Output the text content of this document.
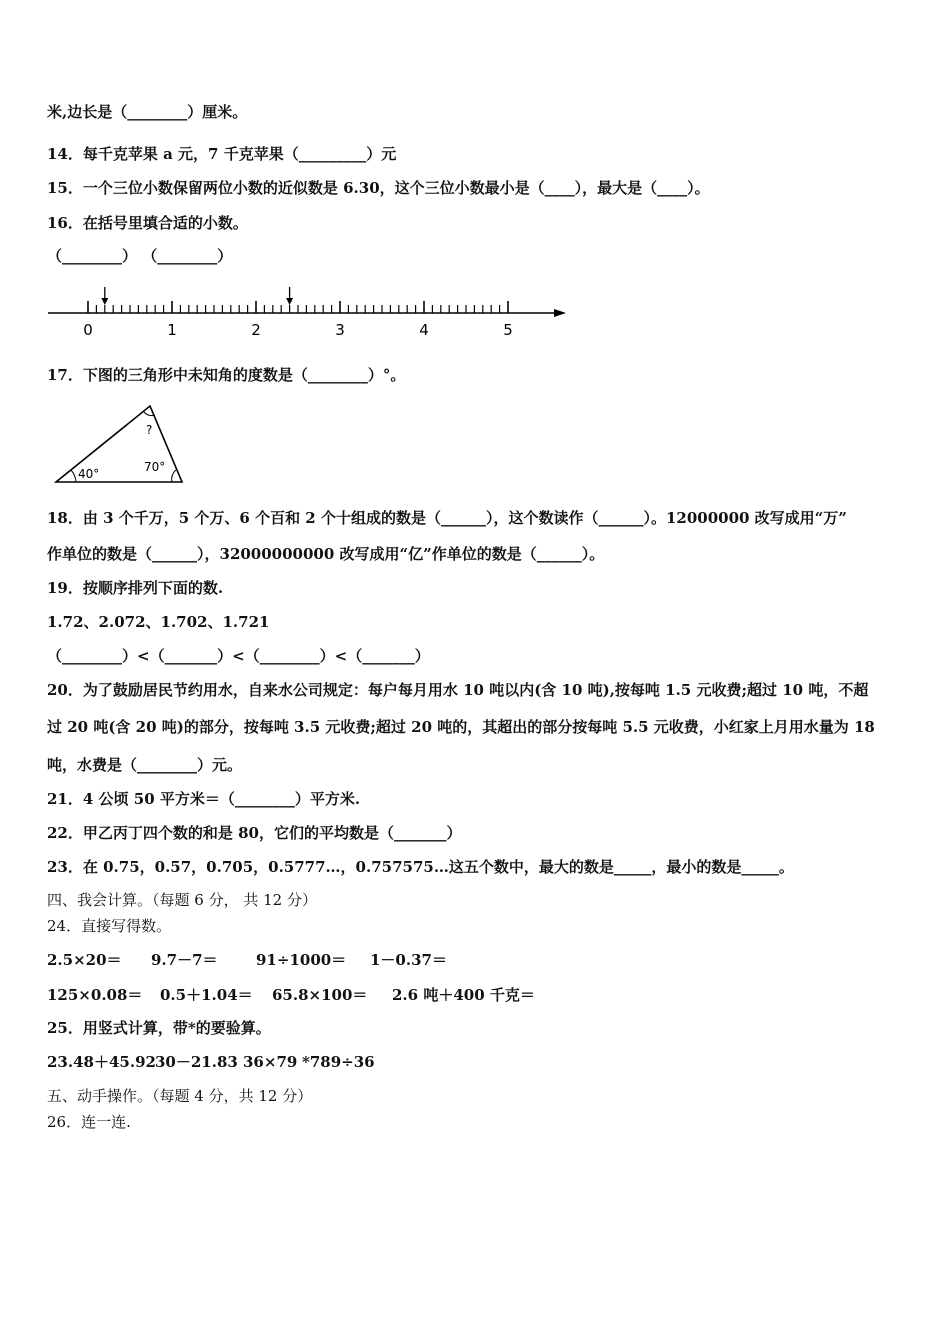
米,边长是（________）厘米。
14．每千克苹果 a 元，7 千克苹果（_________）元
15．一个三位小数保留两位小数的近似数是 6.30，这个三位小数最小是（____），最大是（____）。
16．在括号里填合适的小数。
（________） （________）
0	1	2	3	4	5
17．下图的三角形中未知角的度数是（________）°。
40°	70°
?
18．由 3 个千万，5 个万、6 个百和 2 个十组成的数是（______），这个数读作（______）。12000000 改写成用“万”
作单位的数是（______），32000000000 改写成用“亿”作单位的数是（______）。
19．按顺序排列下面的数.
1.72、2.072、1.702、1.721
（________）<（_______）<（________）<（_______）
20．为了鼓励居民节约用水，自来水公司规定：每户每月用水 10 吨以内(含 10 吨),按每吨 1.5 元收费;超过 10 吨，不超
过 20 吨(含 20 吨)的部分，按每吨 3.5 元收费;超过 20 吨的，其超出的部分按每吨 5.5 元收费，小红家上月用水量为 18
吨，水费是（________）元。
21．4 公顷 50 平方米＝（________）平方米.
22．甲乙丙丁四个数的和是 80，它们的平均数是（_______）
23．在 0.75，0.57，0.705，0.5777…，0.757575…这五个数中，最大的数是_____，最小的数是_____。
四、我会计算。（每题 6 分， 共 12 分）
24．直接写得数。
2.5×20＝ 9.7－7＝	91÷1000＝ 1－0.37＝
125×0.08＝ 0.5＋1.04＝ 65.8×100＝ 2.6 吨＋400 千克＝
25．用竖式计算，带*的要验算。
23.48＋45.92 30－21.83 36×79 *789÷36
五、动手操作。（每题 4 分，共 12 分）
26．连一连.
